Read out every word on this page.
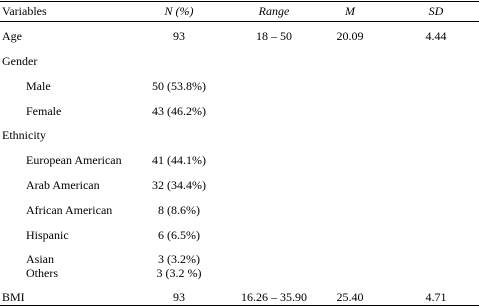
Variables	N (%)	Range	M	SD
Age	93	18 – 50	20.09	4.44
Gender
Male	50 (53.8%)
Female	43 (46.2%)
Ethnicity
European American	41 (44.1%)
Arab American	32 (34.4%)
African American	8 (8.6%)
Hispanic	6 (6.5%)
Asian	3 (3.2%)
Others	3 (3.2 %)
BMI	93	16.26 – 35.90	25.40	4.71
